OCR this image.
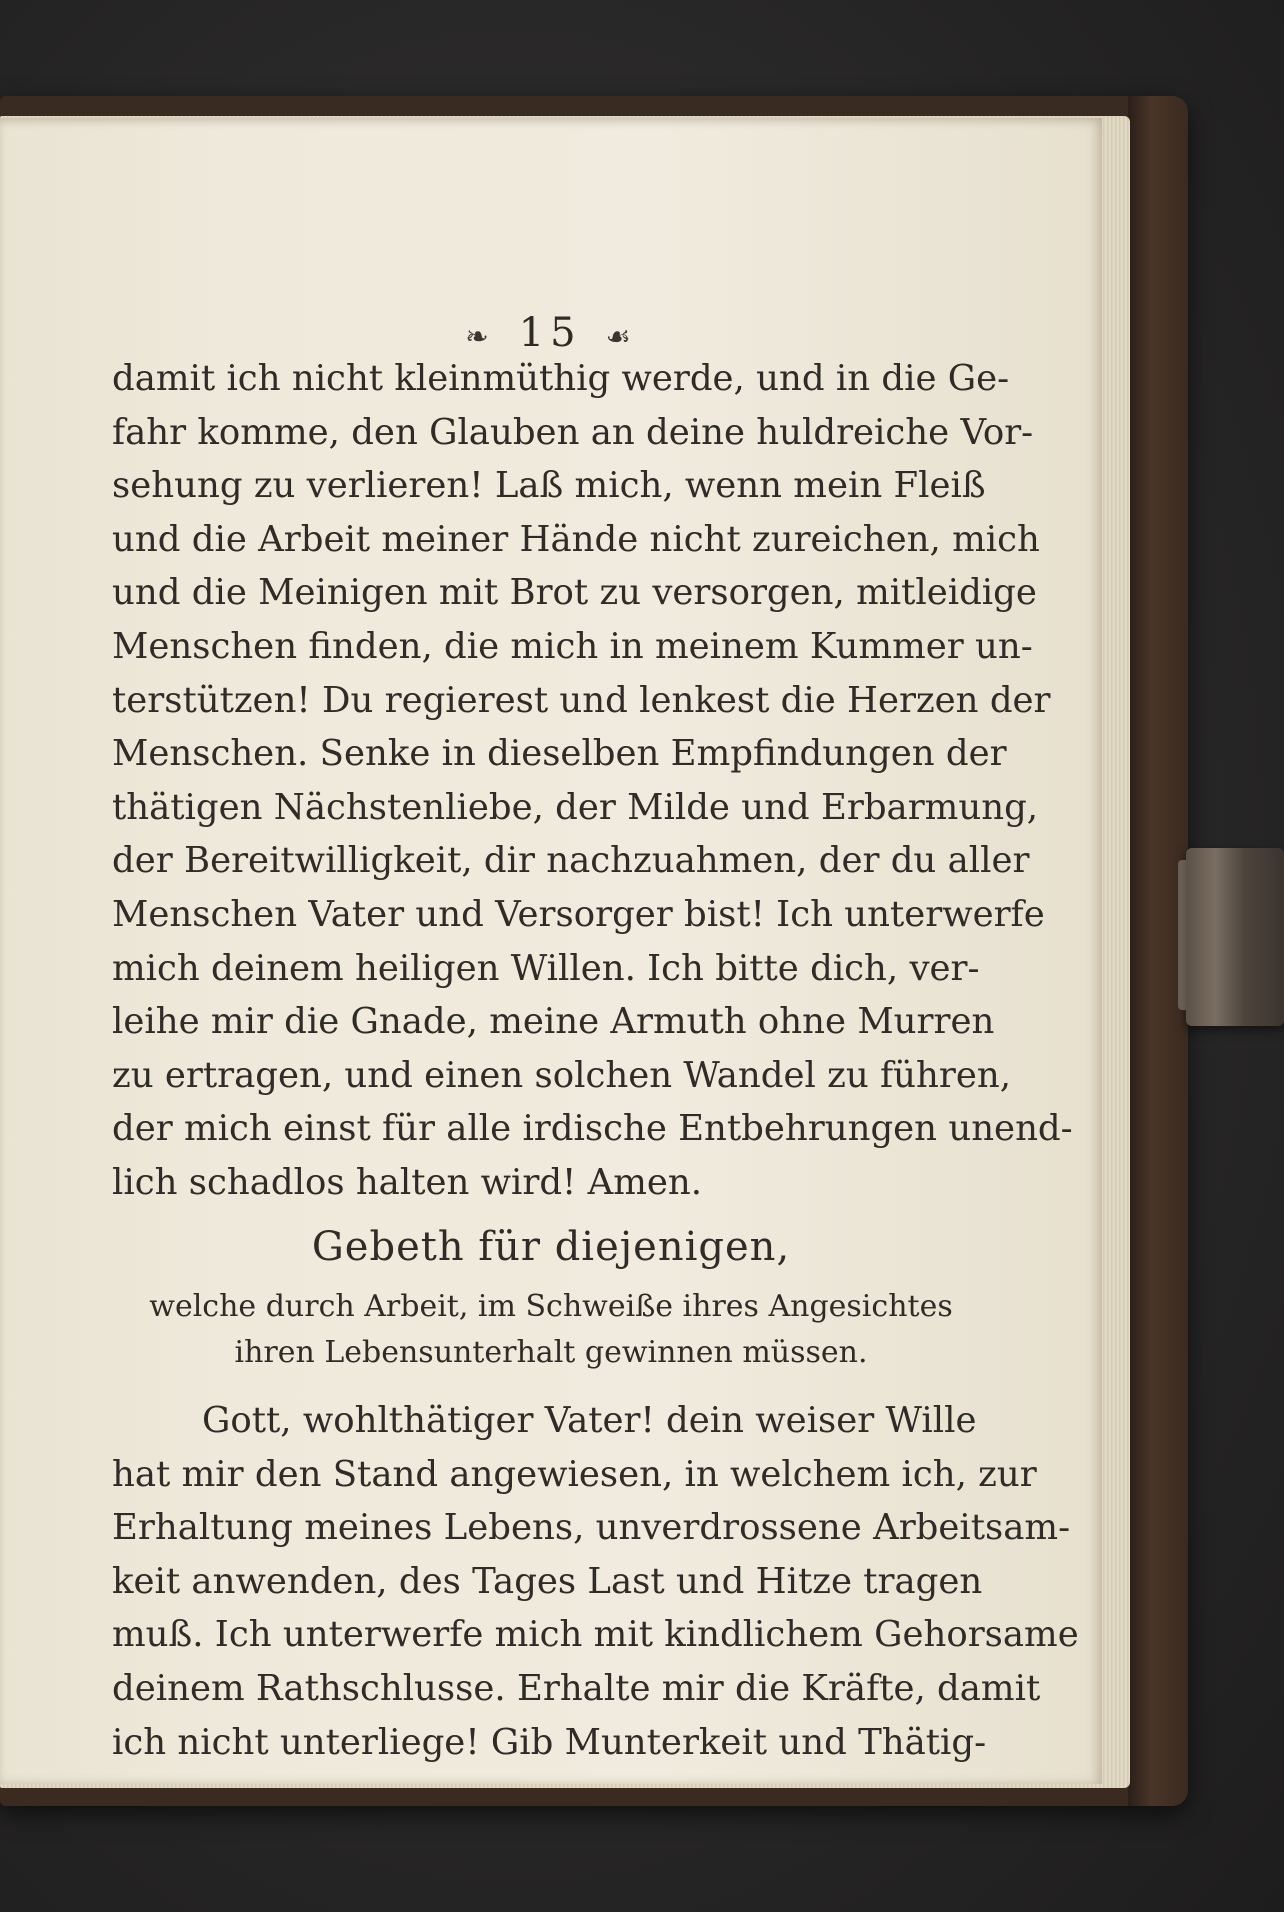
❧ 15 ☙
damit ich nicht kleinmüthig werde, und in die Ge-
fahr komme, den Glauben an deine huldreiche Vor-
sehung zu verlieren! Laß mich, wenn mein Fleiß
und die Arbeit meiner Hände nicht zureichen, mich
und die Meinigen mit Brot zu versorgen, mitleidige
Menschen finden, die mich in meinem Kummer un-
terstützen! Du regierest und lenkest die Herzen der
Menschen. Senke in dieselben Empfindungen der
thätigen Nächstenliebe, der Milde und Erbarmung,
der Bereitwilligkeit, dir nachzuahmen, der du aller
Menschen Vater und Versorger bist! Ich unterwerfe
mich deinem heiligen Willen. Ich bitte dich, ver-
leihe mir die Gnade, meine Armuth ohne Murren
zu ertragen, und einen solchen Wandel zu führen,
der mich einst für alle irdische Entbehrungen unend-
lich schadlos halten wird! Amen.
Gebeth für diejenigen,
welche durch Arbeit, im Schweiße ihres Angesichtes
ihren Lebensunterhalt gewinnen müssen.
Gott, wohlthätiger Vater! dein weiser Wille
hat mir den Stand angewiesen, in welchem ich, zur
Erhaltung meines Lebens, unverdrossene Arbeitsam-
keit anwenden, des Tages Last und Hitze tragen
muß. Ich unterwerfe mich mit kindlichem Gehorsame
deinem Rathschlusse. Erhalte mir die Kräfte, damit
ich nicht unterliege! Gib Munterkeit und Thätig-
